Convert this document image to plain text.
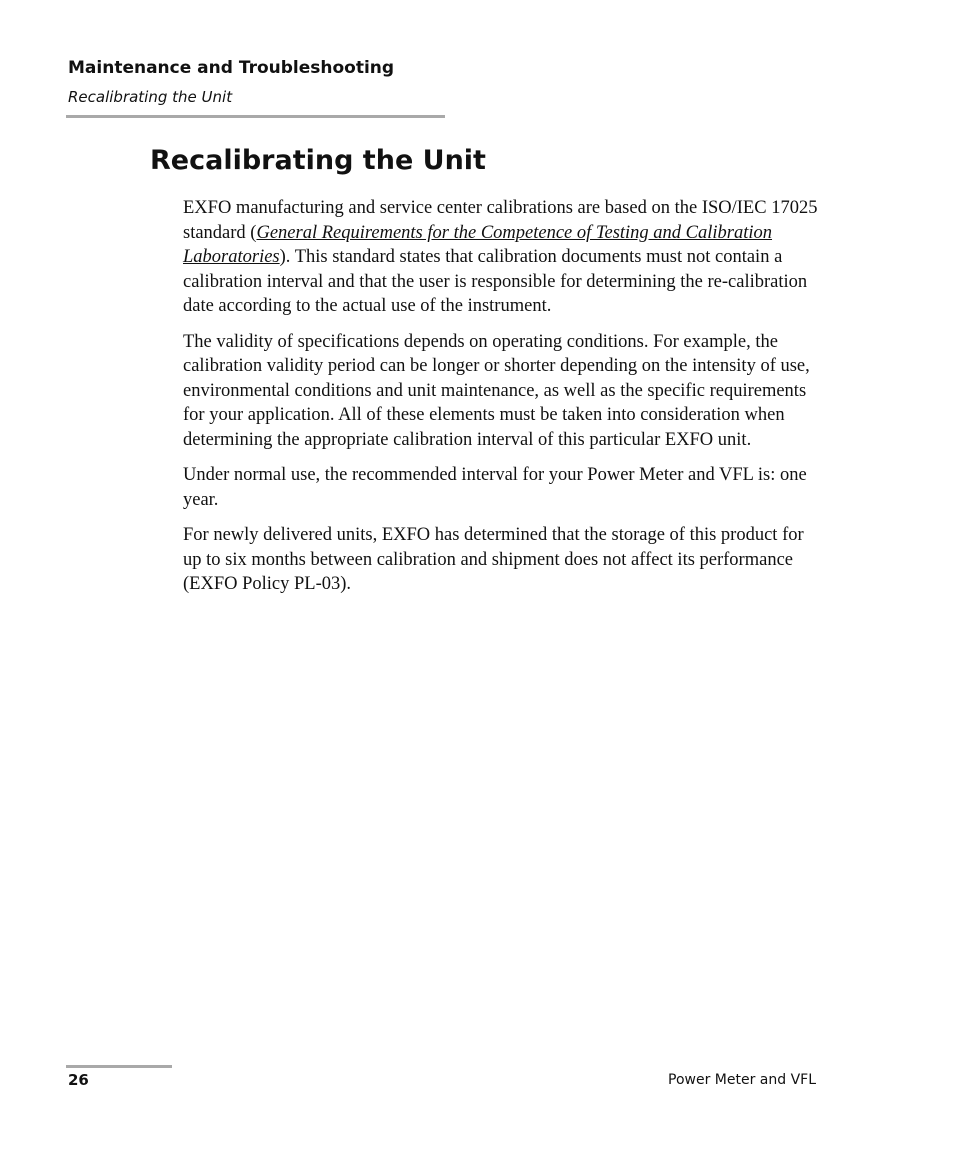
Maintenance and Troubleshooting
Recalibrating the Unit
Recalibrating the Unit

EXFO manufacturing and service center calibrations are based on the ISO/IEC 17025 standard (General Requirements for the Competence of Testing and Calibration Laboratories). This standard states that calibration documents must not contain a calibration interval and that the user is responsible for determining the re-calibration date according to the actual use of the instrument.

The validity of specifications depends on operating conditions. For example, the calibration validity period can be longer or shorter depending on the intensity of use, environmental conditions and unit maintenance, as well as the specific requirements for your application. All of these elements must be taken into consideration when determining the appropriate calibration interval of this particular EXFO unit.

Under normal use, the recommended interval for your Power Meter and VFL is: one year.

For newly delivered units, EXFO has determined that the storage of this product for up to six months between calibration and shipment does not affect its performance (EXFO Policy PL-03).

26	Power Meter and VFL
